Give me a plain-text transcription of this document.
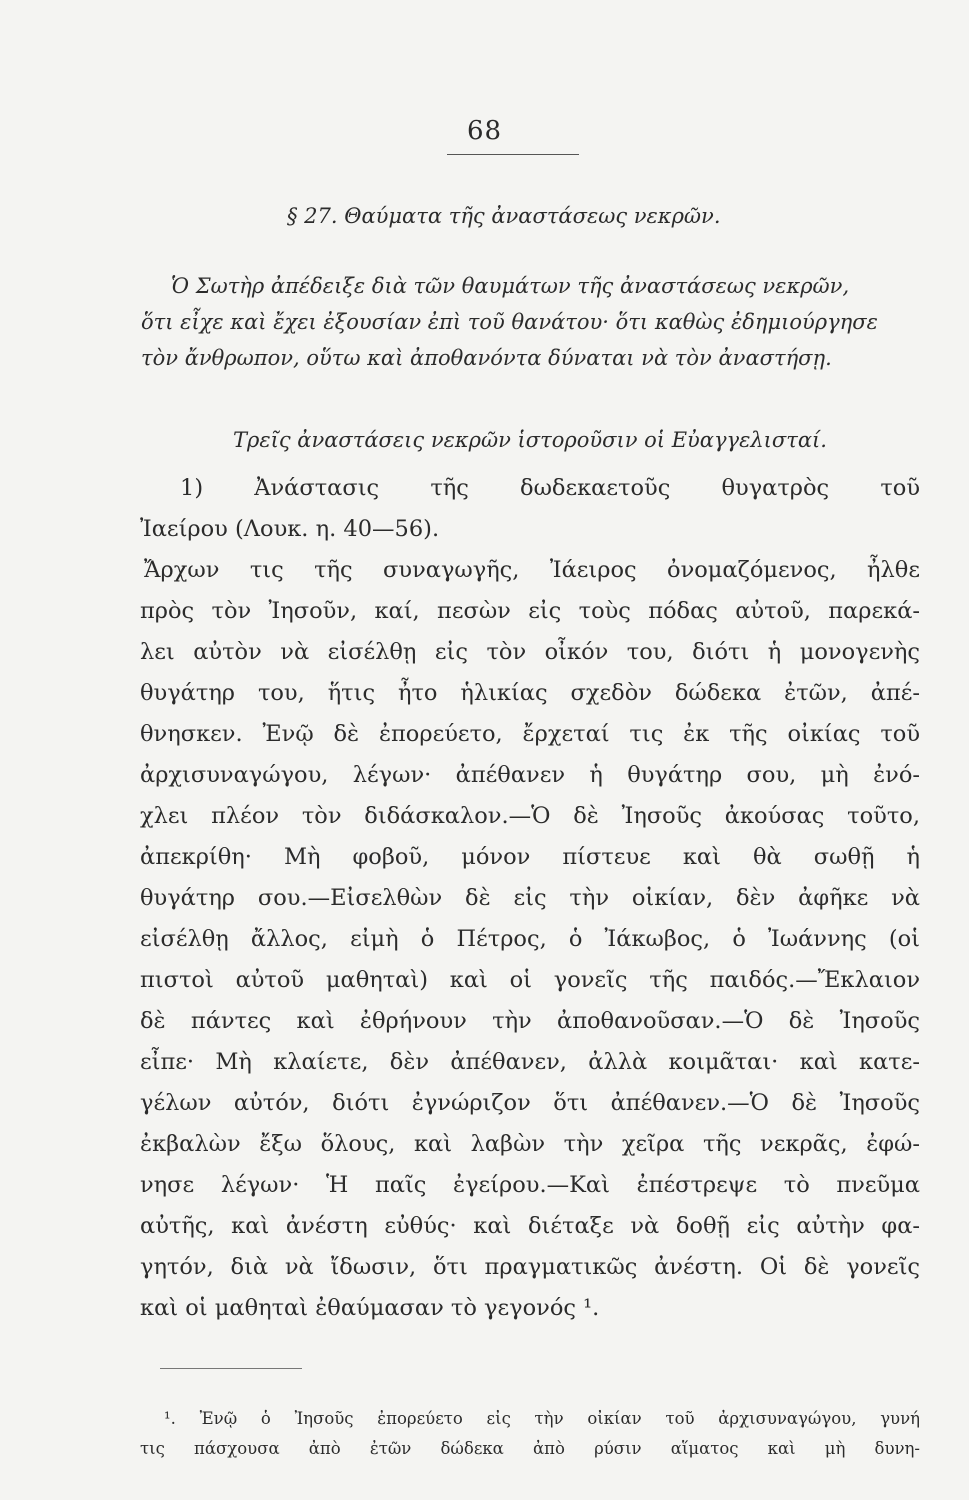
68
§ 27. Θαύματα τῆς ἀναστάσεως νεκρῶν.
Ὁ Σωτὴρ ἀπέδειξε διὰ τῶν θαυμάτων τῆς ἀναστάσεως νεκρῶν,
ὅτι εἶχε καὶ ἔχει ἐξουσίαν ἐπὶ τοῦ θανάτου· ὅτι καθὼς ἐδημιούργησε
τὸν ἄνθρωπον, οὕτω καὶ ἀποθανόντα δύναται νὰ τὸν ἀναστήσῃ.
Τρεῖς ἀναστάσεις νεκρῶν ἱστοροῦσιν οἱ Εὐαγγελισταί.
1) Ἀνάστασις τῆς δωδεκαετοῦς θυγατρὸς τοῦ
Ἰαείρου (Λουκ. η. 40—56).
Ἄρχων τις τῆς συναγωγῆς, Ἰάειρος ὀνομαζόμενος, ἦλθε
πρὸς τὸν Ἰησοῦν, καί, πεσὼν εἰς τοὺς πόδας αὐτοῦ, παρεκά-
λει αὐτὸν νὰ εἰσέλθῃ εἰς τὸν οἶκόν του, διότι ἡ μονογενὴς
θυγάτηρ του, ἥτις ἦτο ἡλικίας σχεδὸν δώδεκα ἐτῶν, ἀπέ-
θνησκεν. Ἐνῷ δὲ ἐπορεύετο, ἔρχεταί τις ἐκ τῆς οἰκίας τοῦ
ἀρχισυναγώγου, λέγων· ἀπέθανεν ἡ θυγάτηρ σου, μὴ ἐνό-
χλει πλέον τὸν διδάσκαλον.—Ὁ δὲ Ἰησοῦς ἀκούσας τοῦτο,
ἀπεκρίθη· Μὴ φοβοῦ, μόνον πίστευε καὶ θὰ σωθῇ ἡ
θυγάτηρ σου.—Εἰσελθὼν δὲ εἰς τὴν οἰκίαν, δὲν ἀφῆκε νὰ
εἰσέλθῃ ἄλλος, εἰμὴ ὁ Πέτρος, ὁ Ἰάκωβος, ὁ Ἰωάννης (οἱ
πιστοὶ αὐτοῦ μαθηταὶ) καὶ οἱ γονεῖς τῆς παιδός.—Ἔκλαιον
δὲ πάντες καὶ ἐθρήνουν τὴν ἀποθανοῦσαν.—Ὁ δὲ Ἰησοῦς
εἶπε· Μὴ κλαίετε, δὲν ἀπέθανεν, ἀλλὰ κοιμᾶται· καὶ κατε-
γέλων αὐτόν, διότι ἐγνώριζον ὅτι ἀπέθανεν.—Ὁ δὲ Ἰησοῦς
ἐκβαλὼν ἔξω ὅλους, καὶ λαβὼν τὴν χεῖρα τῆς νεκρᾶς, ἐφώ-
νησε λέγων· Ἡ παῖς ἐγείρου.—Καὶ ἐπέστρεψε τὸ πνεῦμα
αὐτῆς, καὶ ἀνέστη εὐθύς· καὶ διέταξε νὰ δοθῇ εἰς αὐτὴν φα-
γητόν, διὰ νὰ ἴδωσιν, ὅτι πραγματικῶς ἀνέστη. Οἱ δὲ γονεῖς
καὶ οἱ μαθηταὶ ἐθαύμασαν τὸ γεγονός ¹.
¹. Ἐνῷ ὁ Ἰησοῦς ἐπορεύετο εἰς τὴν οἰκίαν τοῦ ἀρχισυναγώγου, γυνή
τις πάσχουσα ἀπὸ ἐτῶν δώδεκα ἀπὸ ρύσιν αἵματος καὶ μὴ δυνη-
